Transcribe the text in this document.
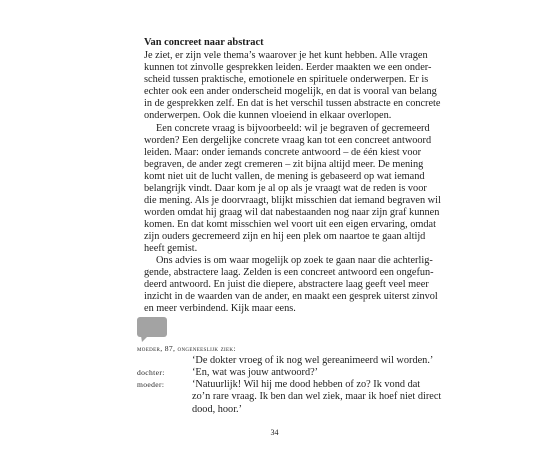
Van concreet naar abstract
Je ziet, er zijn vele thema’s waarover je het kunt hebben. Alle vragen
kunnen tot zinvolle gesprekken leiden. Eerder maakten we een onder-
scheid tussen praktische, emotionele en spirituele onderwerpen. Er is
echter ook een ander onderscheid mogelijk, en dat is vooral van belang
in de gesprekken zelf. En dat is het verschil tussen abstracte en concrete
onderwerpen. Ook die kunnen vloeiend in elkaar overlopen.
Een concrete vraag is bijvoorbeeld: wil je begraven of gecremeerd
worden? Een dergelijke concrete vraag kan tot een concreet antwoord
leiden. Maar: onder iemands concrete antwoord – de één kiest voor
begraven, de ander zegt cremeren – zit bijna altijd meer. De mening
komt niet uit de lucht vallen, de mening is gebaseerd op wat iemand
belangrijk vindt. Daar kom je al op als je vraagt wat de reden is voor
die mening. Als je doorvraagt, blijkt misschien dat iemand begraven wil
worden omdat hij graag wil dat nabestaanden nog naar zijn graf kunnen
komen. En dat komt misschien wel voort uit een eigen ervaring, omdat
zijn ouders gecremeerd zijn en hij een plek om naartoe te gaan altijd
heeft gemist.
Ons advies is om waar mogelijk op zoek te gaan naar die achterlig-
gende, abstractere laag. Zelden is een concreet antwoord een ongefun-
deerd antwoord. En juist die diepere, abstractere laag geeft veel meer
inzicht in de waarden van de ander, en maakt een gesprek uiterst zinvol
en meer verbindend. Kijk maar eens.
moeder, 87, ongeneeslijk ziek:
‘De dokter vroeg of ik nog wel gereanimeerd wil worden.’
dochter:	‘En, wat was jouw antwoord?’
moeder:	‘Natuurlijk! Wil hij me dood hebben of zo? Ik vond dat
zo’n rare vraag. Ik ben dan wel ziek, maar ik hoef niet direct
dood, hoor.’
34
